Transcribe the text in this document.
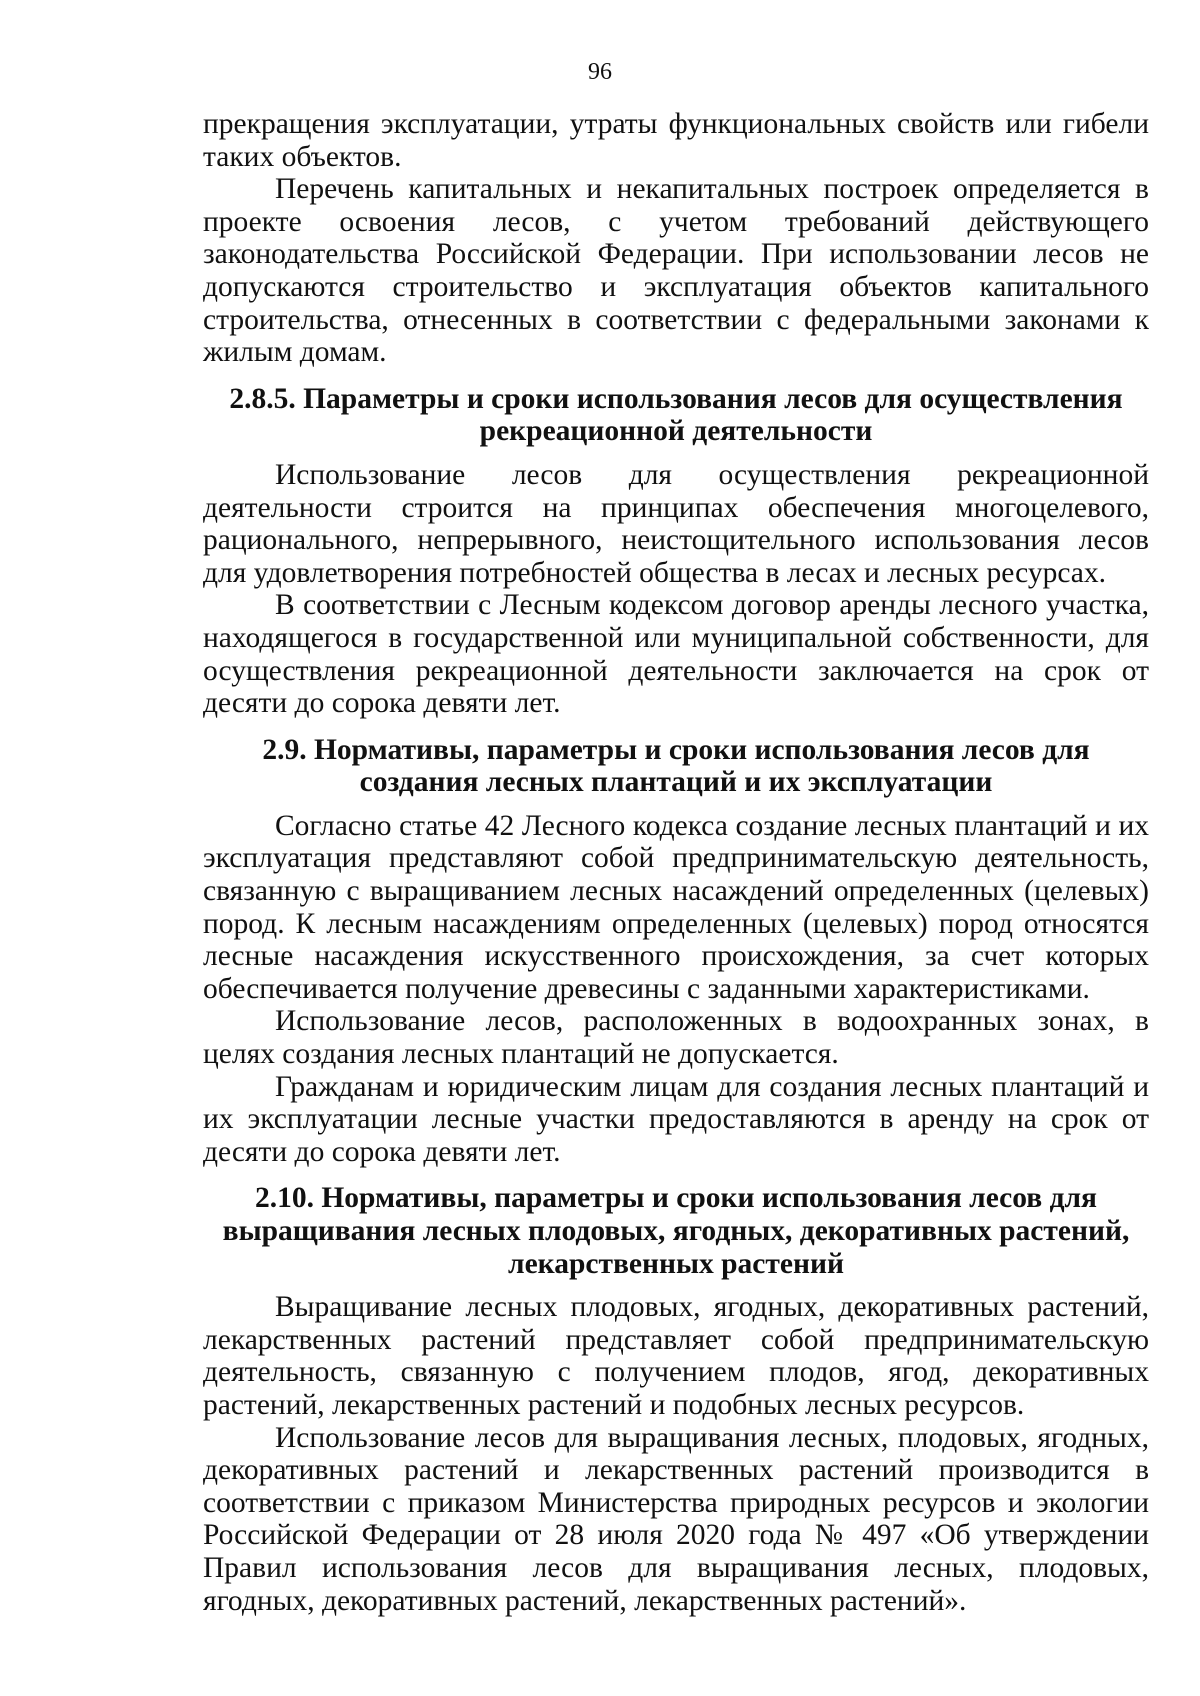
96

прекращения эксплуатации, утраты функциональных свойств или гибели таких объектов.

Перечень капитальных и некапитальных построек определяется в проекте освоения лесов, с учетом требований действующего законодательства Российской Федерации. При использовании лесов не допускаются строительство и эксплуатация объектов капитального строительства, отнесенных в соответствии с федеральными законами к жилым домам.

2.8.5. Параметры и сроки использования лесов для осуществления рекреационной деятельности

Использование лесов для осуществления рекреационной деятельности строится на принципах обеспечения многоцелевого, рационального, непрерывного, неистощительного использования лесов для удовлетворения потребностей общества в лесах и лесных ресурсах.

В соответствии с Лесным кодексом договор аренды лесного участка, находящегося в государственной или муниципальной собственности, для осуществления рекреационной деятельности заключается на срок от десяти до сорока девяти лет.

2.9. Нормативы, параметры и сроки использования лесов для создания лесных плантаций и их эксплуатации

Согласно статье 42 Лесного кодекса создание лесных плантаций и их эксплуатация представляют собой предпринимательскую деятельность, связанную с выращиванием лесных насаждений определенных (целевых) пород. К лесным насаждениям определенных (целевых) пород относятся лесные насаждения искусственного происхождения, за счет которых обеспечивается получение древесины с заданными характеристиками.

Использование лесов, расположенных в водоохранных зонах, в целях создания лесных плантаций не допускается.

Гражданам и юридическим лицам для создания лесных плантаций и их эксплуатации лесные участки предоставляются в аренду на срок от десяти до сорока девяти лет.

2.10. Нормативы, параметры и сроки использования лесов для выращивания лесных плодовых, ягодных, декоративных растений, лекарственных растений

Выращивание лесных плодовых, ягодных, декоративных растений, лекарственных растений представляет собой предпринимательскую деятельность, связанную с получением плодов, ягод, декоративных растений, лекарственных растений и подобных лесных ресурсов.

Использование лесов для выращивания лесных, плодовых, ягодных, декоративных растений и лекарственных растений производится в соответствии с приказом Министерства природных ресурсов и экологии Российской Федерации от 28 июля 2020 года № 497 «Об утверждении Правил использования лесов для выращивания лесных, плодовых, ягодных, декоративных растений, лекарственных растений».
